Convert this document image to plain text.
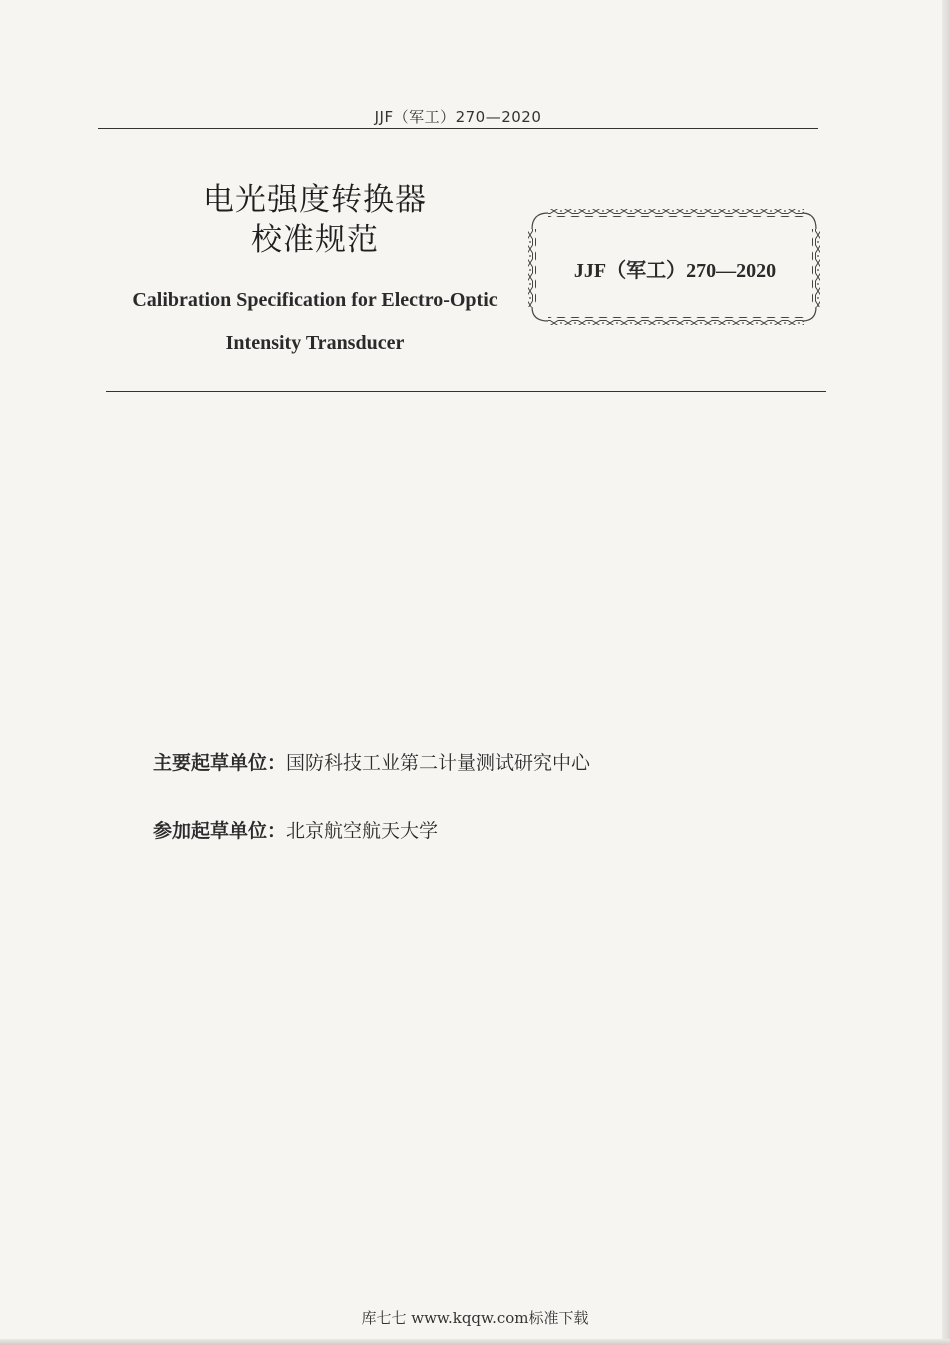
JJF（军工）270—2020
电光强度转换器
校准规范
Calibration Specification for Electro-Optic
Intensity Transducer
JJF（军工）270—2020
主要起草单位：国防科技工业第二计量测试研究中心
参加起草单位：北京航空航天大学
库七七 www.kqqw.com标准下载
